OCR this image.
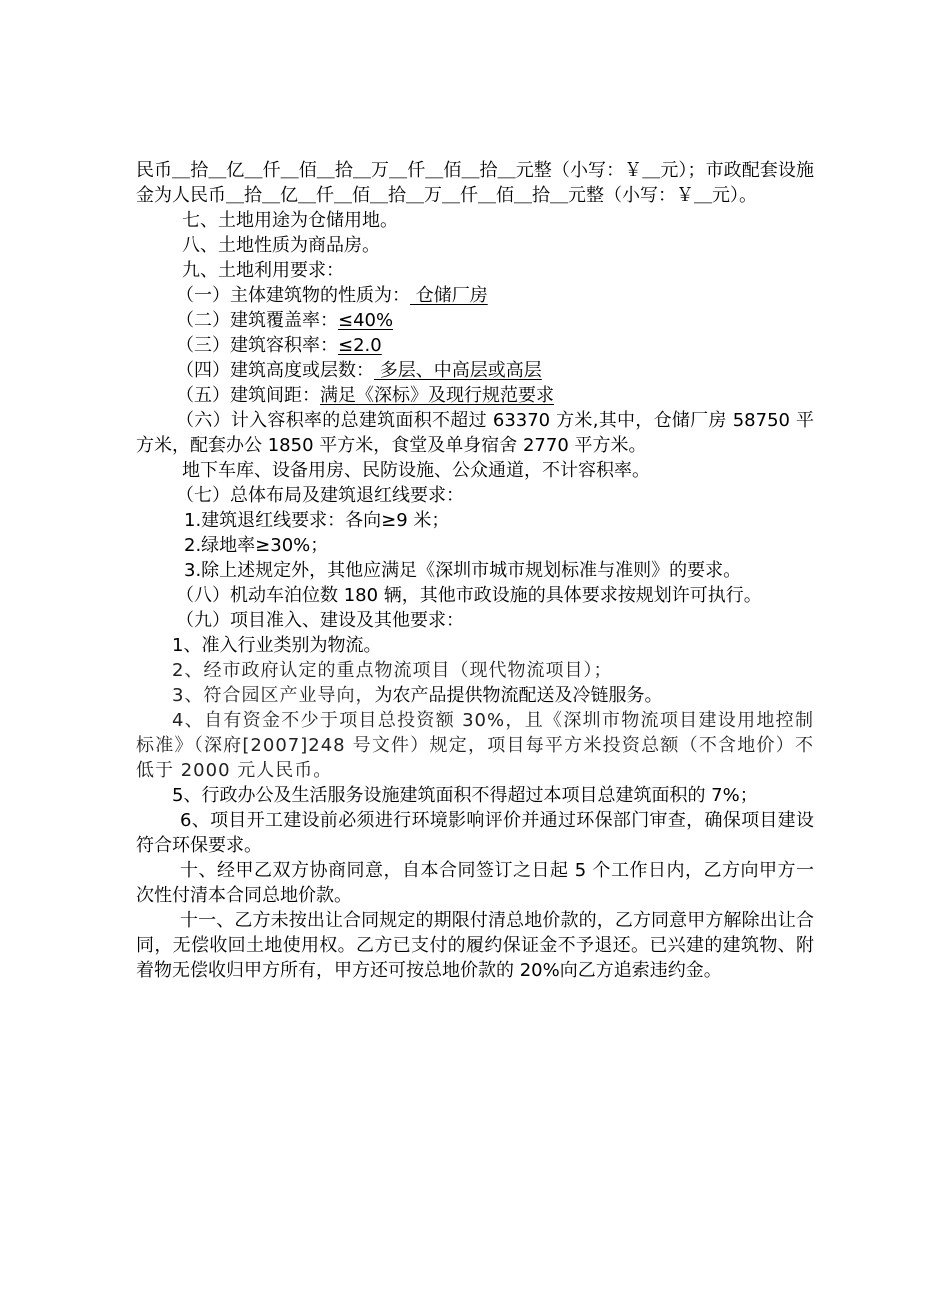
民币＿拾＿亿＿仟＿佰＿拾＿万＿仟＿佰＿拾＿元整（小写：￥＿元）；市政配套设施金为人民币＿拾＿亿＿仟＿佰＿拾＿万＿仟＿佰＿拾＿元整（小写：￥＿元）。

七、土地用途为仓储用地。

八、土地性质为商品房。

九、土地利用要求：

（一）主体建筑物的性质为： 仓储厂房

（二）建筑覆盖率：≤40%

（三）建筑容积率：≤2.0

（四）建筑高度或层数： 多层、中高层或高层

（五）建筑间距：满足《深标》及现行规范要求

（六）计入容积率的总建筑面积不超过 63370 方米,其中，仓储厂房 58750 平方米，配套办公 1850 平方米，食堂及单身宿舍 2770 平方米。

地下车库、设备用房、民防设施、公众通道，不计容积率。

（七）总体布局及建筑退红线要求：

1.建筑退红线要求：各向≥9 米；

2.绿地率≥30%；

3.除上述规定外，其他应满足《深圳市城市规划标准与准则》的要求。

（八）机动车泊位数 180 辆，其他市政设施的具体要求按规划许可执行。

（九）项目准入、建设及其他要求：

1、准入行业类别为物流。

2、经市政府认定的重点物流项目（现代物流项目）；

3、符合园区产业导向，为农产品提供物流配送及冷链服务。

4、自有资金不少于项目总投资额 30%，且《深圳市物流项目建设用地控制标准》（深府[2007]248 号文件）规定，项目每平方米投资总额（不含地价）不低于 2000 元人民币。

5、行政办公及生活服务设施建筑面积不得超过本项目总建筑面积的 7%；

6、项目开工建设前必须进行环境影响评价并通过环保部门审查，确保项目建设符合环保要求。

十、经甲乙双方协商同意，自本合同签订之日起 5 个工作日内，乙方向甲方一次性付清本合同总地价款。

十一、乙方未按出让合同规定的期限付清总地价款的，乙方同意甲方解除出让合同，无偿收回土地使用权。乙方已支付的履约保证金不予退还。已兴建的建筑物、附着物无偿收归甲方所有，甲方还可按总地价款的 20%向乙方追索违约金。
